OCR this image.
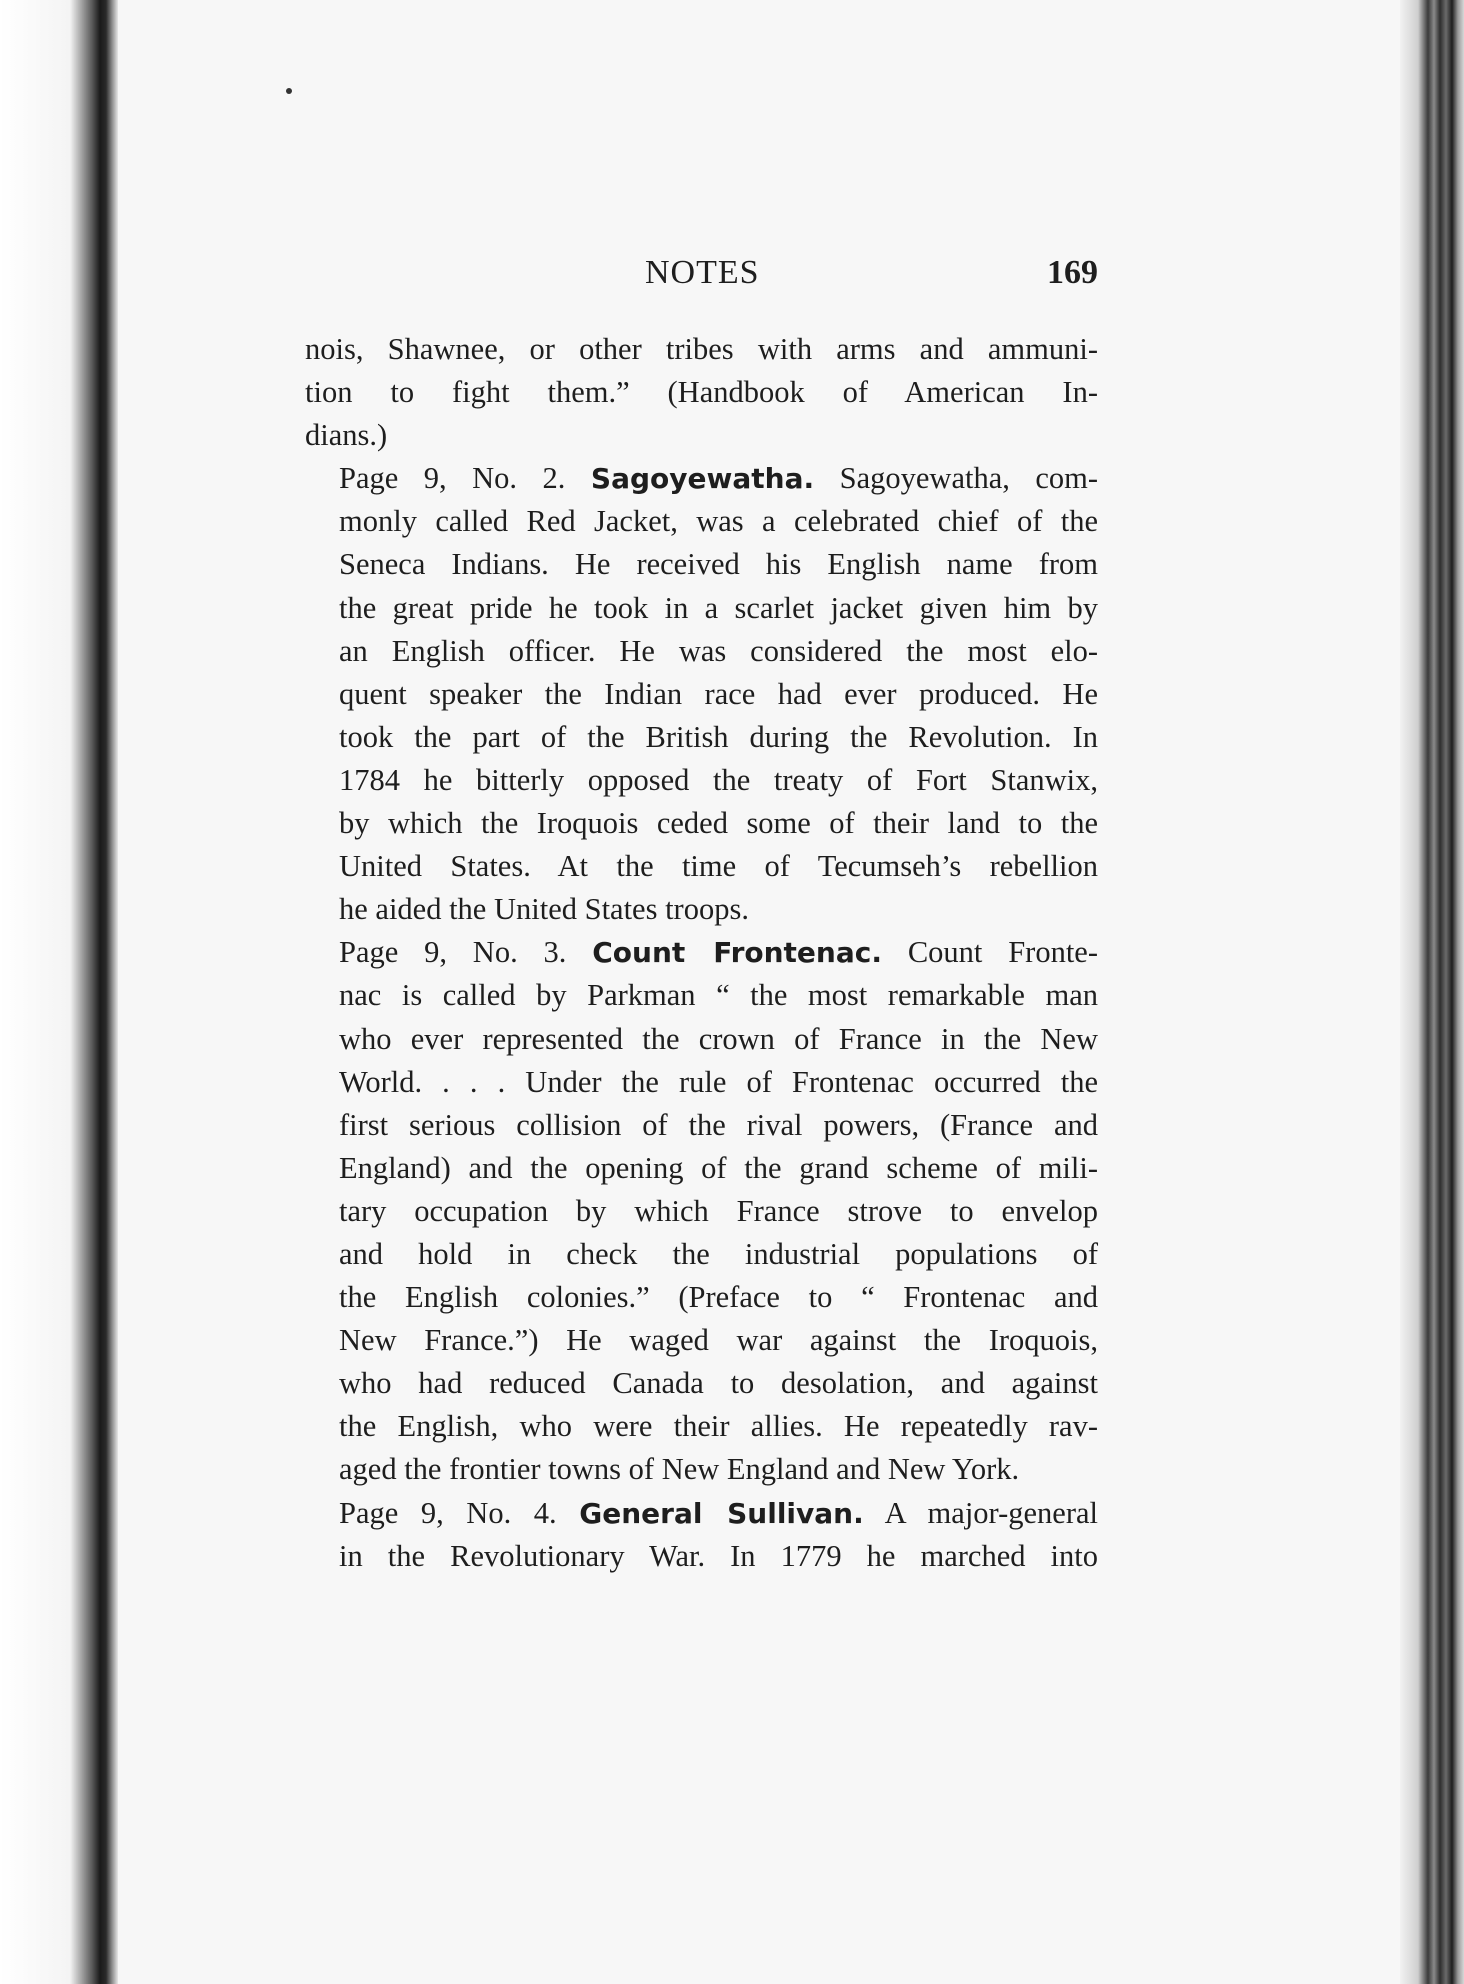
NOTES	169

nois, Shawnee, or other tribes with arms and ammuni-
tion to fight them.” (Handbook of American In-
dians.)

Page 9, No. 2. Sagoyewatha. Sagoyewatha, com-
monly called Red Jacket, was a celebrated chief of the
Seneca Indians. He received his English name from
the great pride he took in a scarlet jacket given him by
an English officer. He was considered the most elo-
quent speaker the Indian race had ever produced. He
took the part of the British during the Revolution. In
1784 he bitterly opposed the treaty of Fort Stanwix,
by which the Iroquois ceded some of their land to the
United States. At the time of Tecumseh’s rebellion
he aided the United States troops.

Page 9, No. 3. Count Frontenac. Count Fronte-
nac is called by Parkman “ the most remarkable man
who ever represented the crown of France in the New
World. . . . Under the rule of Frontenac occurred the
first serious collision of the rival powers, (France and
England) and the opening of the grand scheme of mili-
tary occupation by which France strove to envelop
and hold in check the industrial populations of
the English colonies.” (Preface to “ Frontenac and
New France.”) He waged war against the Iroquois,
who had reduced Canada to desolation, and against
the English, who were their allies. He repeatedly rav-
aged the frontier towns of New England and New York.

Page 9, No. 4. General Sullivan. A major-general
in the Revolutionary War. In 1779 he marched into
